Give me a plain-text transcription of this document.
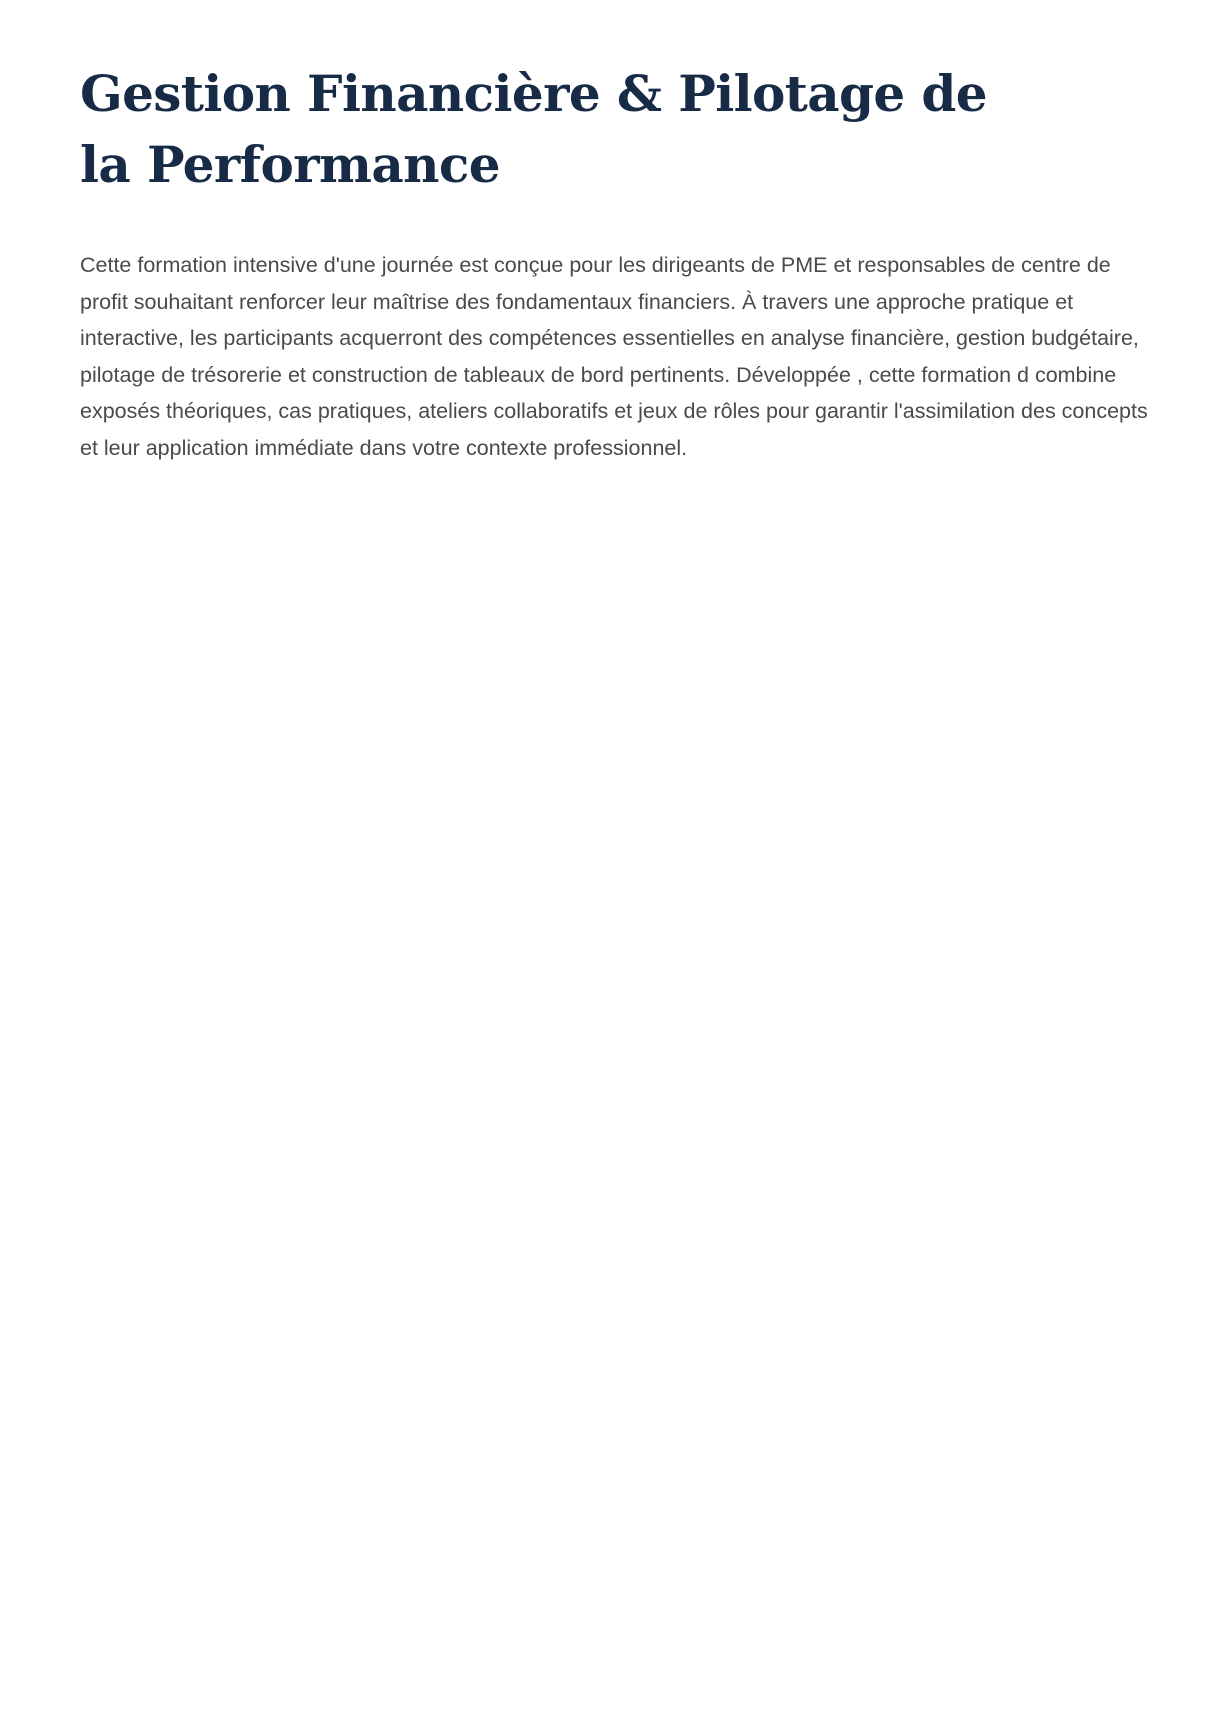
Gestion Financière & Pilotage de la Performance

Cette formation intensive d'une journée est conçue pour les dirigeants de PME et responsables de centre de profit souhaitant renforcer leur maîtrise des fondamentaux financiers. À travers une approche pratique et interactive, les participants acquerront des compétences essentielles en analyse financière, gestion budgétaire, pilotage de trésorerie et construction de tableaux de bord pertinents. Développée , cette formation d combine exposés théoriques, cas pratiques, ateliers collaboratifs et jeux de rôles pour garantir l'assimilation des concepts et leur application immédiate dans votre contexte professionnel.
